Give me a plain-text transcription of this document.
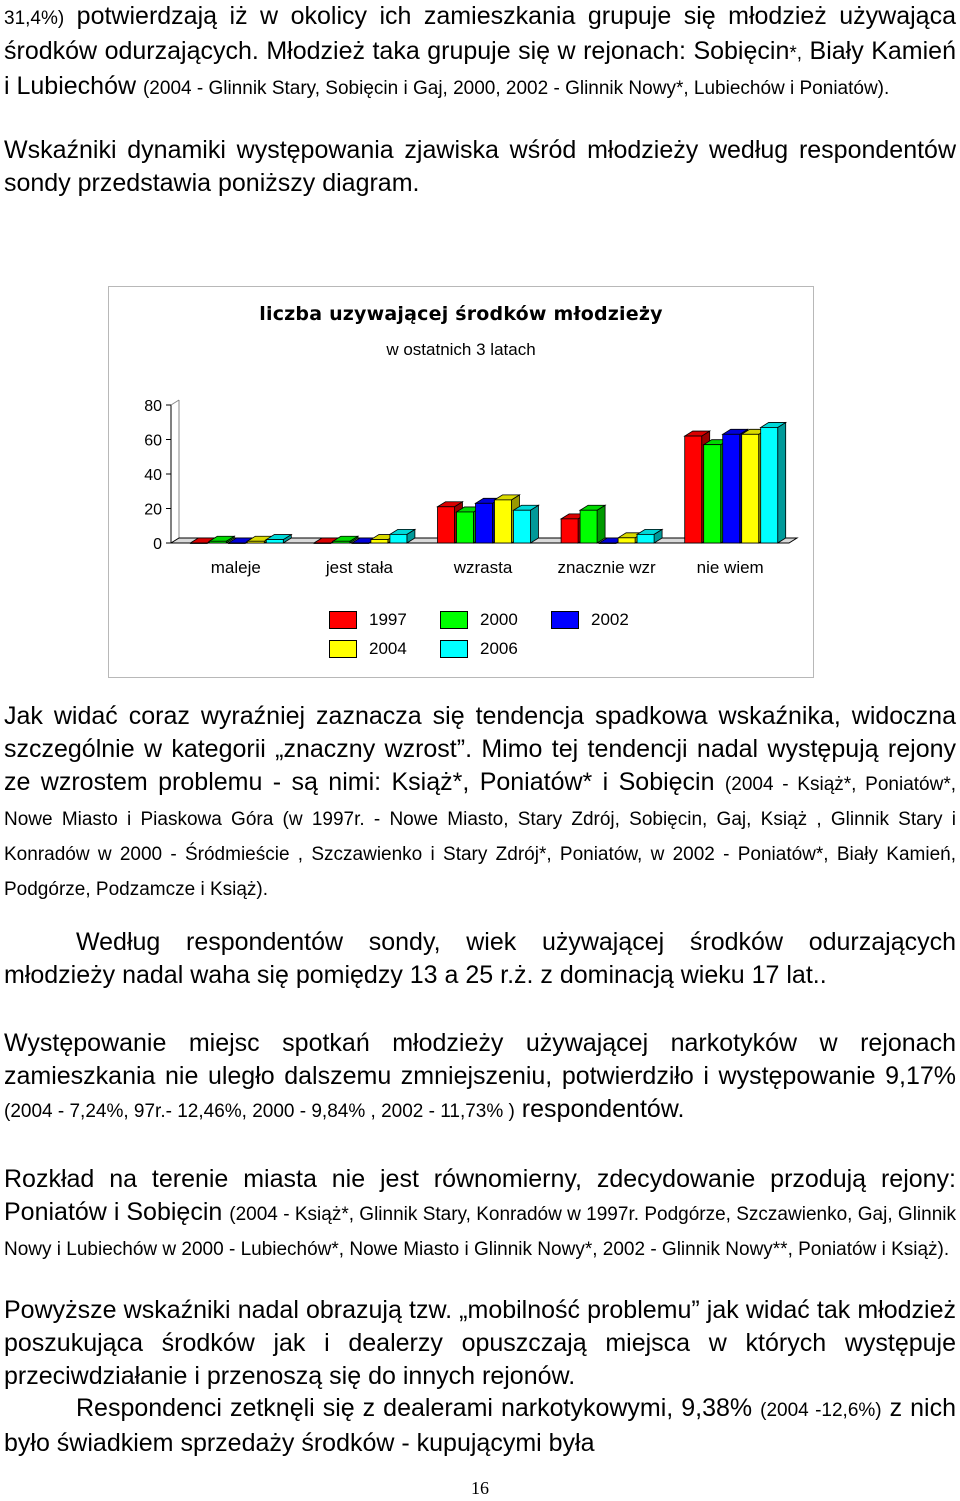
31,4%) potwierdzają iż w okolicy ich zamieszkania grupuje się młodzież używająca środków odurzających. Młodzież taka grupuje się w rejonach: Sobięcin*, Biały Kamień i Lubiechów (2004 - Glinnik Stary, Sobięcin i Gaj, 2000, 2002 - Glinnik Nowy*, Lubiechów i Poniatów).

Wskaźniki dynamiki występowania zjawiska wśród młodzieży według respondentów sondy przedstawia poniższy diagram.

0
20
40
60
80
maleje	jest stała	wzrasta	znacznie wzr nie wiem
liczba uzywającej środków młodzieży
w ostatnich 3 latach
1997	2000	2002
2004	2006

Jak widać coraz wyraźniej zaznacza się tendencja spadkowa wskaźnika, widoczna szczególnie w kategorii „znaczny wzrost”. Mimo tej tendencji nadal występują rejony ze wzrostem problemu - są nimi: Książ*, Poniatów* i Sobięcin (2004 - Książ*, Poniatów*, Nowe Miasto i Piaskowa Góra (w 1997r. - Nowe Miasto, Stary Zdrój, Sobięcin, Gaj, Książ , Glinnik Stary i Konradów w 2000 - Śródmieście , Szczawienko i Stary Zdrój*, Poniatów, w 2002 - Poniatów*, Biały Kamień, Podgórze, Podzamcze i Książ).

Według respondentów sondy, wiek używającej środków odurzających młodzieży nadal waha się pomiędzy 13 a 25 r.ż. z dominacją wieku 17 lat..

Występowanie miejsc spotkań młodzieży używającej narkotyków w rejonach zamieszkania nie uległo dalszemu zmniejszeniu, potwierdziło i występowanie 9,17% (2004 - 7,24%, 97r.- 12,46%, 2000 - 9,84% , 2002 - 11,73% ) respondentów.

Rozkład na terenie miasta nie jest równomierny, zdecydowanie przodują rejony: Poniatów i Sobięcin (2004 - Książ*, Glinnik Stary, Konradów w 1997r. Podgórze, Szczawienko, Gaj, Glinnik Nowy i Lubiechów w 2000 - Lubiechów*, Nowe Miasto i Glinnik Nowy*, 2002 - Glinnik Nowy**, Poniatów i Książ).

Powyższe wskaźniki nadal obrazują tzw. „mobilność problemu” jak widać tak młodzież poszukująca środków jak i dealerzy opuszczają miejsca w których występuje przeciwdziałanie i przenoszą się do innych rejonów.

Respondenci zetknęli się z dealerami narkotykowymi, 9,38% (2004 -12,6%) z nich było świadkiem sprzedaży środków - kupującymi była

16
